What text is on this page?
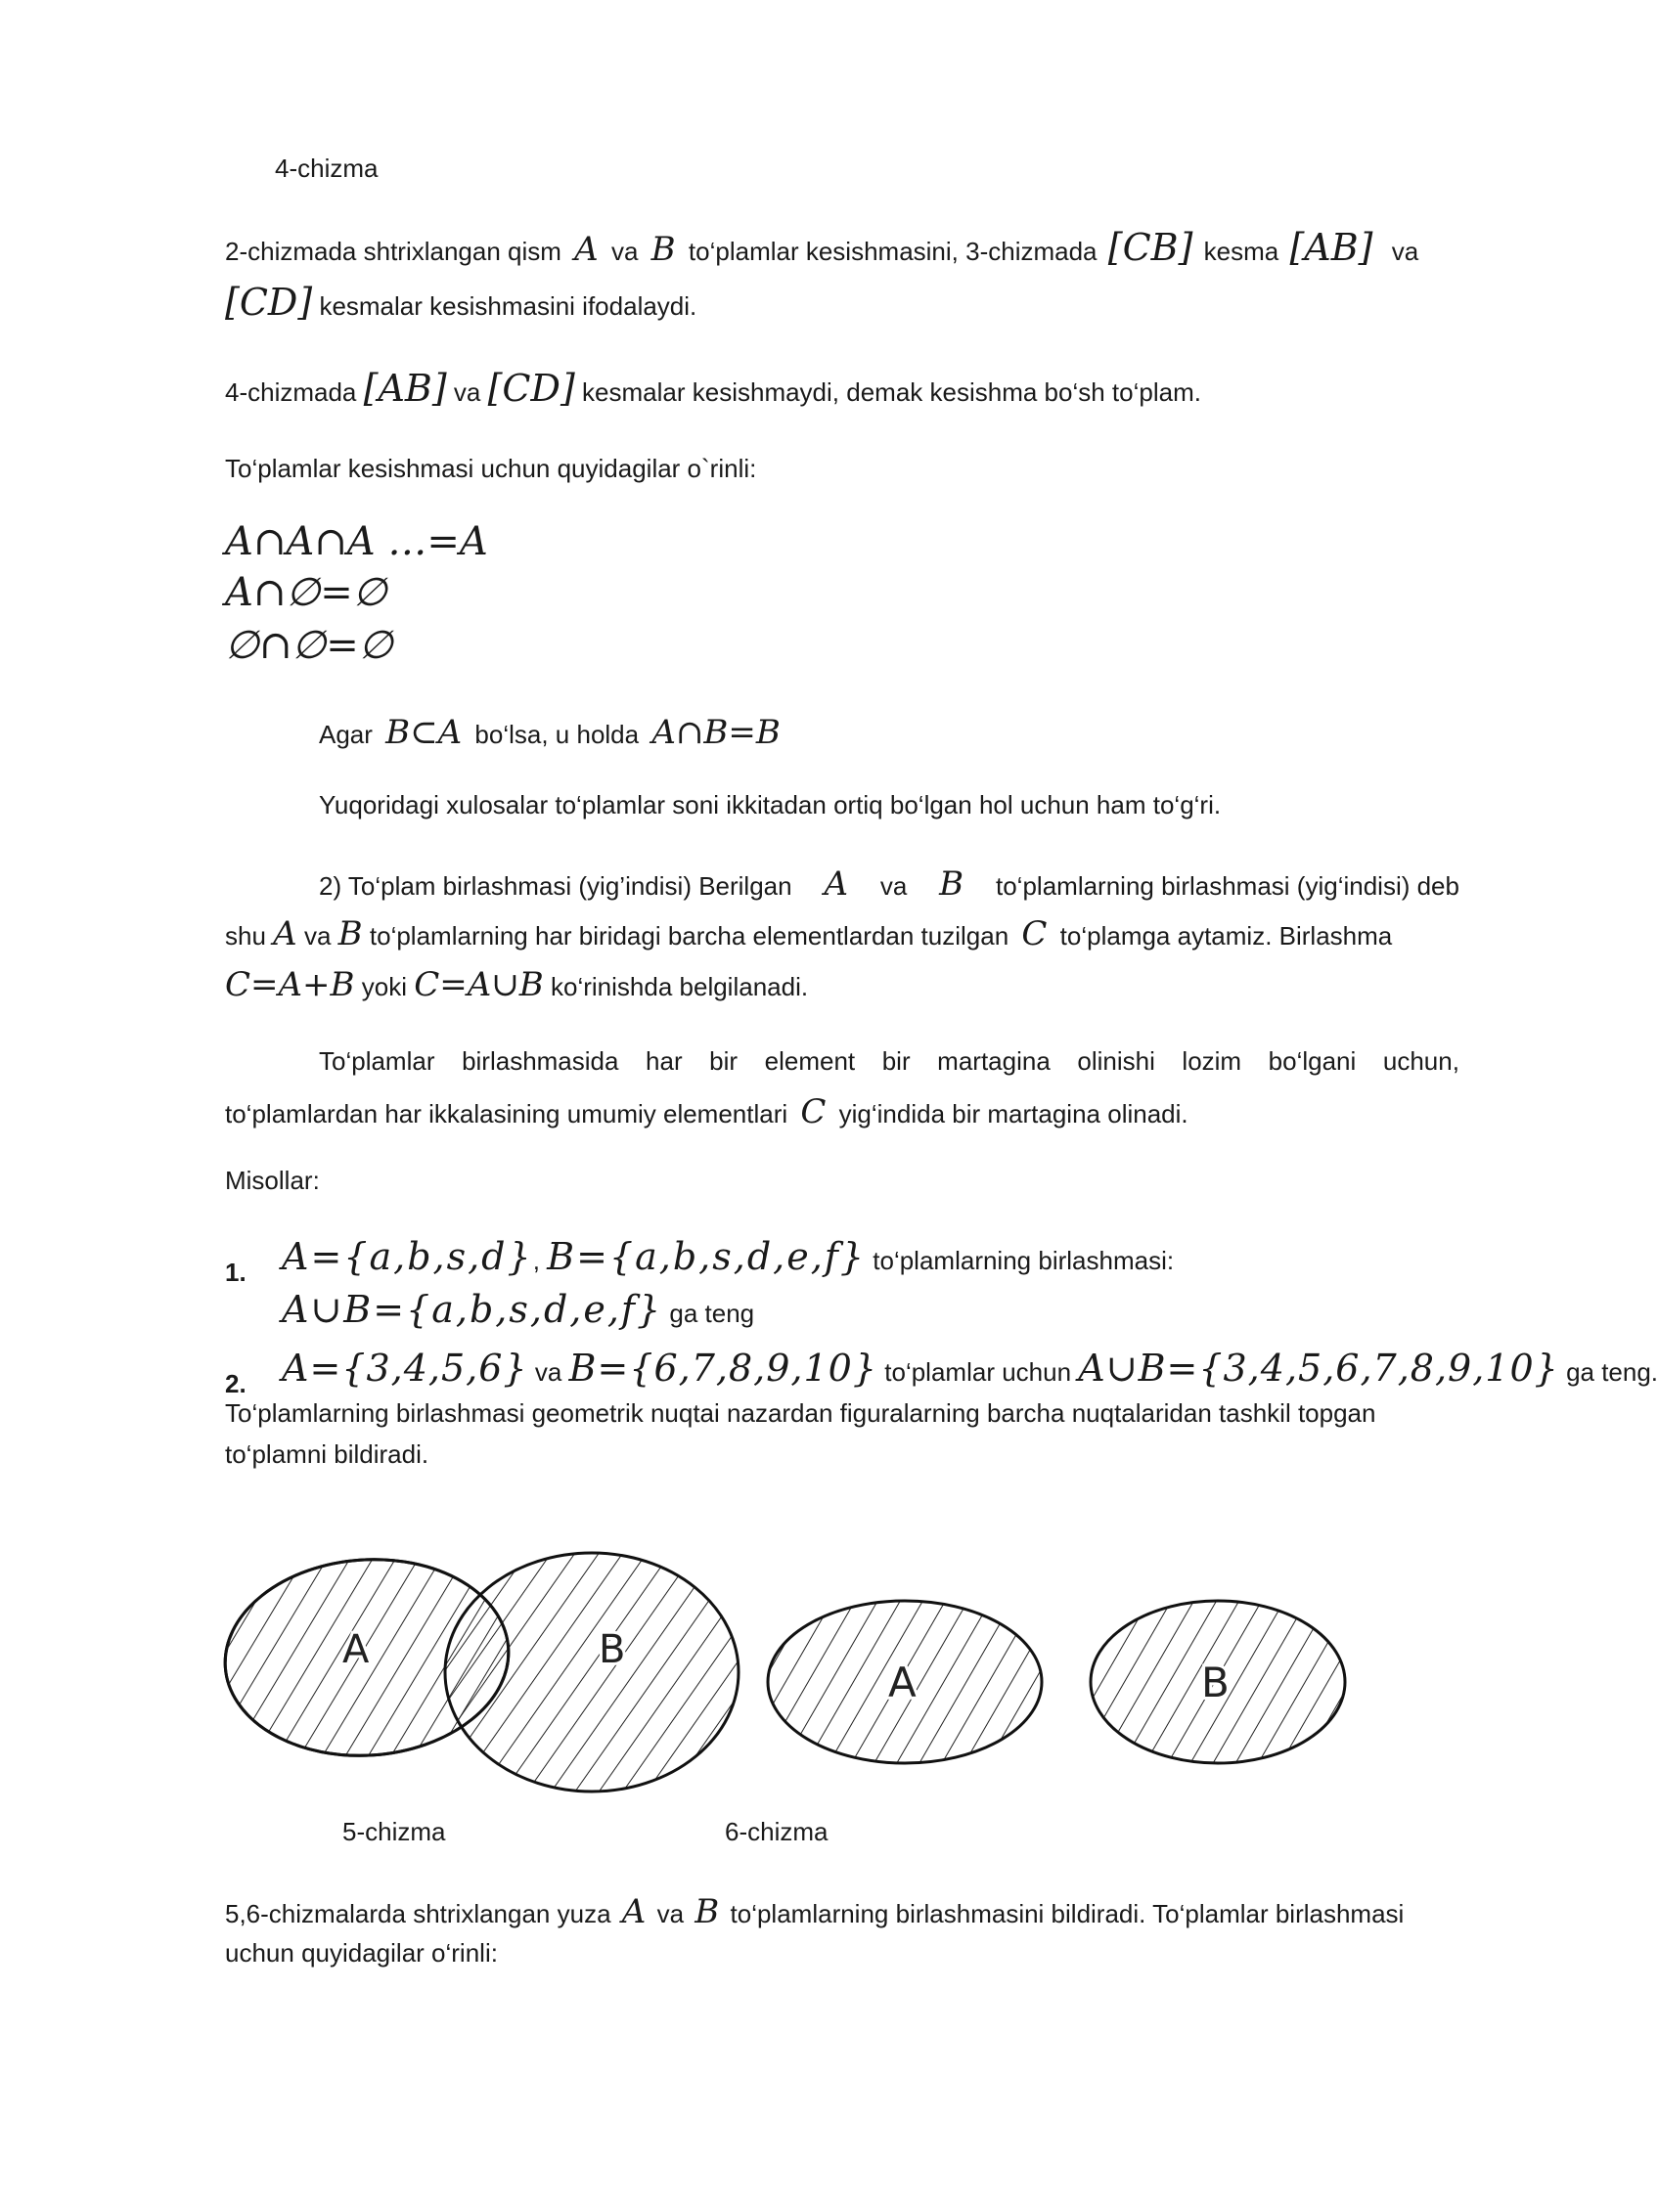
4-chizma
2-chizmada shtrixlangan qism A va B to‘plamlar kesishmasini, 3-chizmada [CB] kesma [AB] va
[CD] kesmalar kesishmasini ifodalaydi.
4-chizmada [AB] va [CD] kesmalar kesishmaydi, demak kesishma bo‘sh to‘plam.
To‘plamlar kesishmasi uchun quyidagilar o`rinli:
A∩A∩A …=A
A∩∅=∅
∅∩∅=∅
Agar B⊂A bo‘lsa, u holda A∩B=B
Yuqoridagi xulosalar to‘plamlar soni ikkitadan ortiq bo‘lgan hol uchun ham to‘g‘ri.
2) To‘plam birlashmasi (yig’indisi) Berilgan A va B to‘plamlarning birlashmasi (yig‘indisi) deb
shu A va B to‘plamlarning har biridagi barcha elementlardan tuzilgan C to‘plamga aytamiz. Birlashma
C=A+B yoki C=A∪B ko‘rinishda belgilanadi.
To‘plamlar birlashmasida har bir element bir martagina olinishi lozim bo‘lgani uchun,
to‘plamlardan har ikkalasining umumiy elementlari C yig‘indida bir martagina olinadi.
Misollar:
1. A={a,b,s,d}, B={a,b,s,d,e,f} to‘plamlarning birlashmasi:
A∪B={a,b,s,d,e,f} ga teng
2. A={3,4,5,6} va B={6,7,8,9,10} to‘plamlar uchun A∪B={3,4,5,6,7,8,9,10} ga teng.
To‘plamlarning birlashmasi geometrik nuqtai nazardan figuralarning barcha nuqtalaridan tashkil topgan
to‘plamni bildiradi.
A	B
A	B
5-chizma	6-chizma
5,6-chizmalarda shtrixlangan yuza A va B to‘plamlarning birlashmasini bildiradi. To‘plamlar birlashmasi
uchun quyidagilar o‘rinli:
